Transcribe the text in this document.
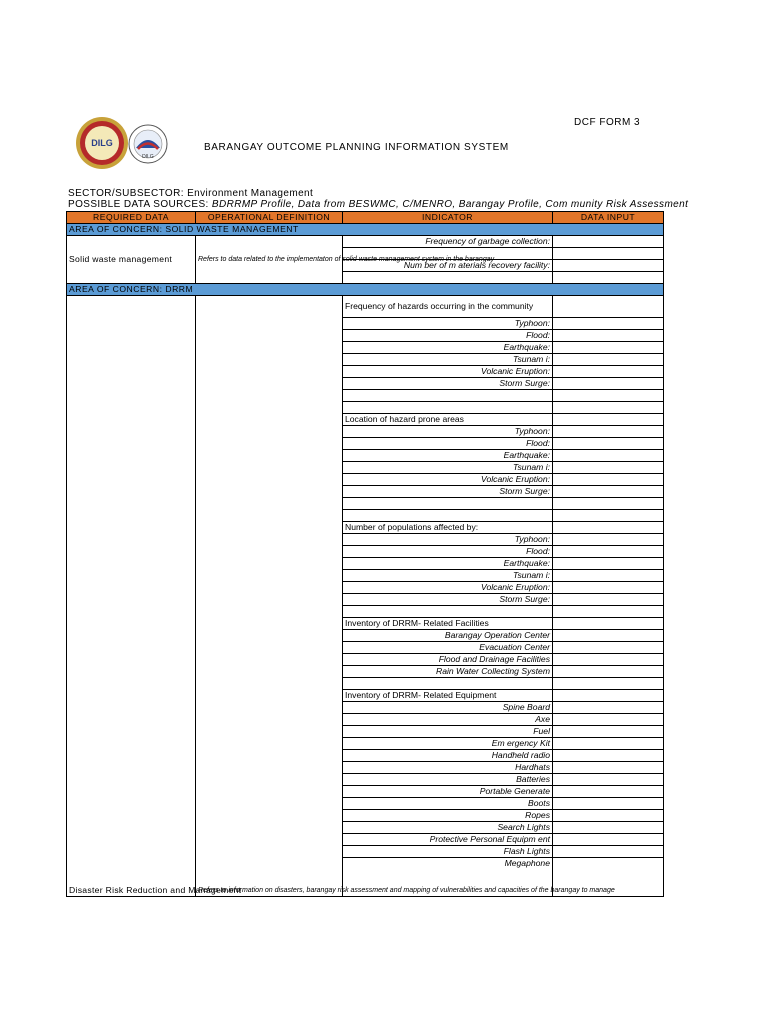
DILG
DILG
DCF FORM 3
BARANGAY OUTCOME PLANNING INFORMATION SYSTEM
SECTOR/SUBSECTOR: Environment Management
POSSIBLE DATA SOURCES: BDRRMP Profile, Data from BESWMC, C/MENRO, Barangay Profile, Com munity Risk Assessment
REQUIRED DATA	OPERATIONAL DEFINITION	INDICATOR	DATA INPUT
AREA OF CONCERN: SOLID WASTE MANAGEMENT			
Solid waste management	Refers to data related to the implementaton of solid waste management system in the barangay	Frequency of garbage collection:	

		Num ber of m aterials recovery facility:	

AREA OF CONCERN: DRRM			
Disaster Risk Reduction and Management	Refers to information on disasters, barangay risk assessment and mapping of vulnerabilities and capacities of the barangay to manage	Frequency of hazards occurring in the community	
		Typhoon:	
		Flood:	
		Earthquake:	
		Tsunam i:	
		Volcanic Eruption:	
		Storm Surge:	

		Location of hazard prone areas	
		Typhoon:	
		Flood:	
		Earthquake:	
		Tsunam i:	
		Volcanic Eruption:	
		Storm Surge:	

		Number of populations affected by:	
		Typhoon:	
		Flood:	
		Earthquake:	
		Tsunam i:	
		Volcanic Eruption:	
		Storm Surge:	

		Inventory of DRRM- Related Facilities	
		Barangay Operation Center	
		Evacuation Center	
		Flood and Drainage Facilities	
		Rain Water Collecting System	

		Inventory of DRRM- Related Equipment	
		Spine Board	
		Axe	
		Fuel	
		Em ergency Kit	
		Handheld radio	
		Hardhats	
		Batteries	
		Portable Generate	
		Boots	
		Ropes	
		Search Lights	
		Protective Personal Equipm ent	
		Flash Lights	
		Megaphone	
